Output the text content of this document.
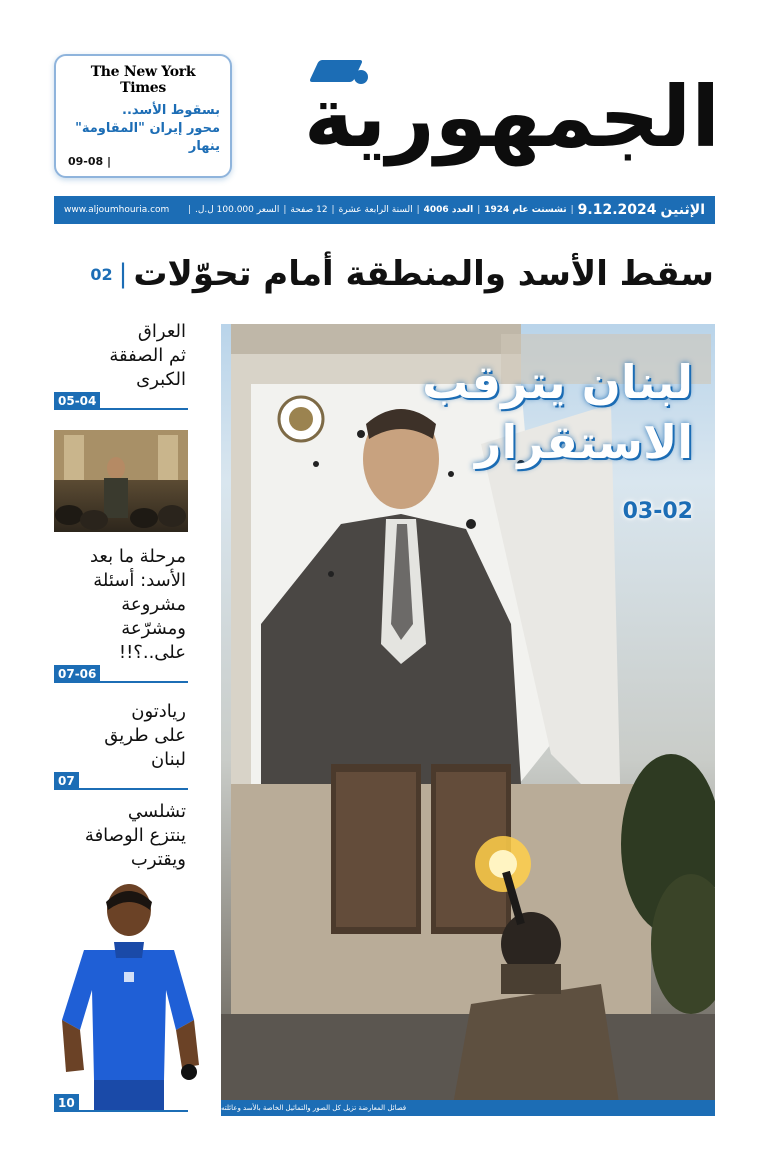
الجمهورية
The New York Times
بسقوط الأسد..
محور إيران "المقاومة"
ينهار
09-08 |
الإثنين
9.12.2024
|
تشسنت عام 1924
|
العدد 4006
|
السنة الرابعة عشرة
|
12 صفحة
|
السعر 100.000 ل.ل.
|
www.aljoumhouria.com
سقط الأسد والمنطقة أمام تحوّلات
|
02
لبنان يترقب
الاستقرار
03-02
فصائل المعارضة تزيل كل الصور والتماثيل الخاصة بالأسد وعائلته
العراق
ثم الصفقة
الكبرى
05-04
مرحلة ما بعد
الأسد: أسئلة
مشروعة
ومشرّعة
على..؟!!
07-06
ريادتون
على طريق
لبنان
07
تشلسي
ينتزع الوصافة
ويقترب
10
